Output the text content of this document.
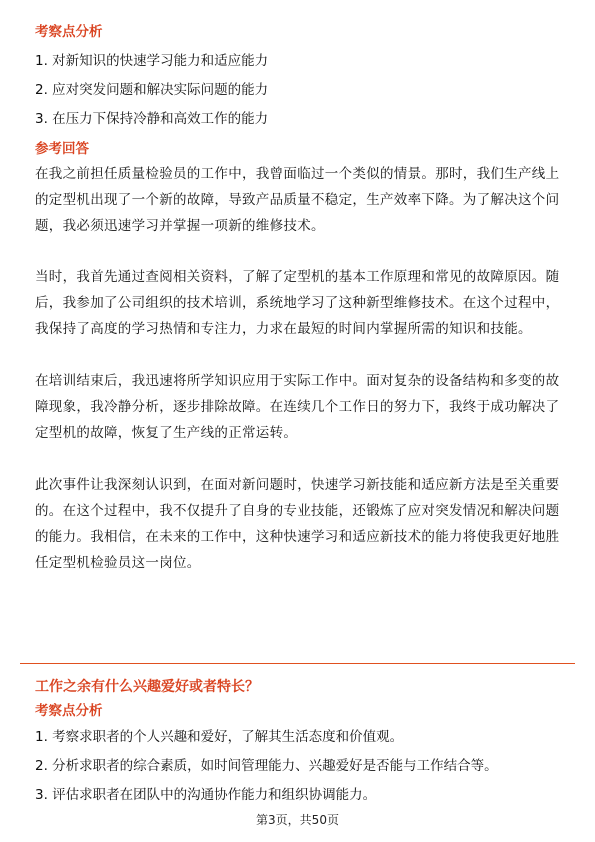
考察点分析

1. 对新知识的快速学习能力和适应能力

2. 应对突发问题和解决实际问题的能力

3. 在压力下保持冷静和高效工作的能力

参考回答

在我之前担任质量检验员的工作中，我曾面临过一个类似的情景。那时，我们生产线上的定型机出现了一个新的故障，导致产品质量不稳定，生产效率下降。为了解决这个问题，我必须迅速学习并掌握一项新的维修技术。

当时，我首先通过查阅相关资料，了解了定型机的基本工作原理和常见的故障原因。随后，我参加了公司组织的技术培训，系统地学习了这种新型维修技术。在这个过程中，我保持了高度的学习热情和专注力，力求在最短的时间内掌握所需的知识和技能。

在培训结束后，我迅速将所学知识应用于实际工作中。面对复杂的设备结构和多变的故障现象，我冷静分析，逐步排除故障。在连续几个工作日的努力下，我终于成功解决了定型机的故障，恢复了生产线的正常运转。

此次事件让我深刻认识到，在面对新问题时，快速学习新技能和适应新方法是至关重要的。在这个过程中，我不仅提升了自身的专业技能，还锻炼了应对突发情况和解决问题的能力。我相信，在未来的工作中，这种快速学习和适应新技术的能力将使我更好地胜任定型机检验员这一岗位。

工作之余有什么兴趣爱好或者特长？

考察点分析

1. 考察求职者的个人兴趣和爱好，了解其生活态度和价值观。

2. 分析求职者的综合素质，如时间管理能力、兴趣爱好是否能与工作结合等。

3. 评估求职者在团队中的沟通协作能力和组织协调能力。

第3页，共50页
